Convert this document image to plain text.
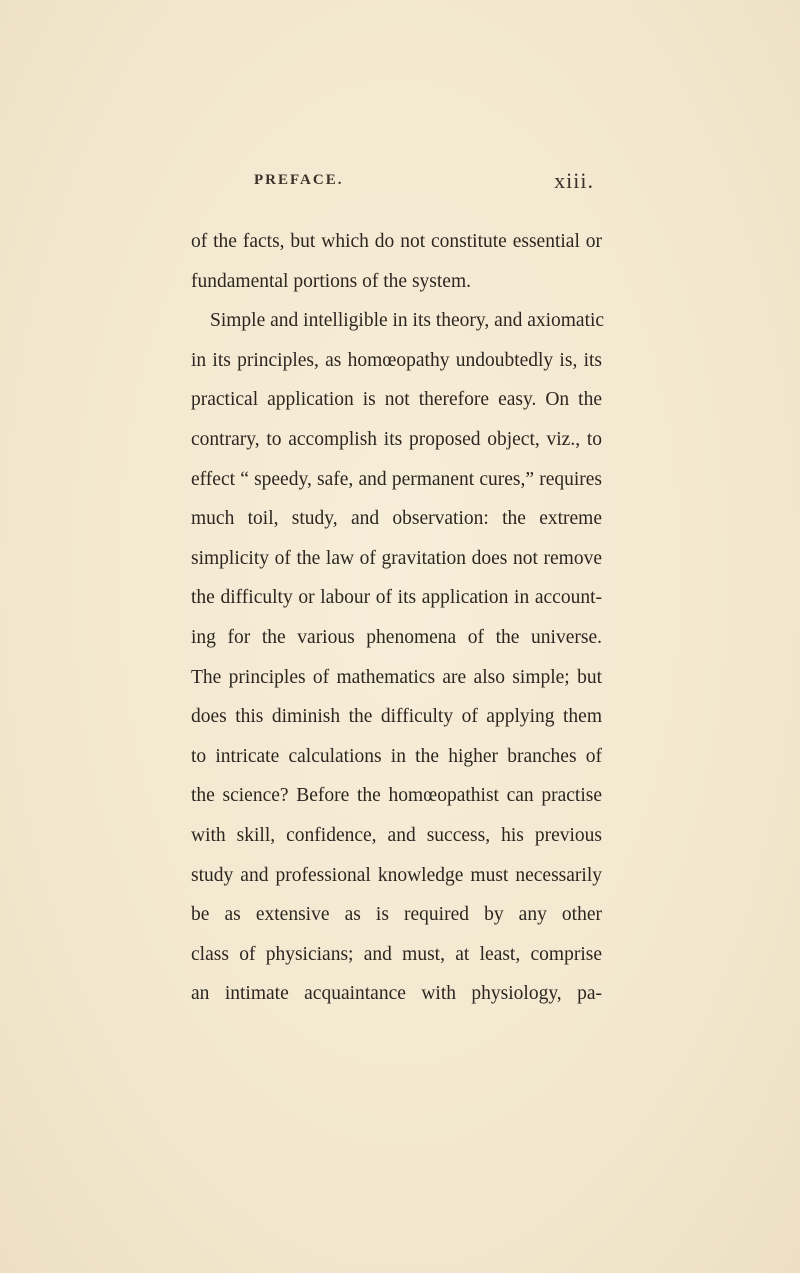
PREFACE.	xiii.
of the facts, but which do not constitute essential or
fundamental portions of the system.
Simple and intelligible in its theory, and axiomatic
in its principles, as homœopathy undoubtedly is, its
practical application is not therefore easy. On the
contrary, to accomplish its proposed object, viz., to
effect “ speedy, safe, and permanent cures,” requires
much toil, study, and observation: the extreme
simplicity of the law of gravitation does not remove
the difficulty or labour of its application in account-
ing for the various phenomena of the universe.
The principles of mathematics are also simple; but
does this diminish the difficulty of applying them
to intricate calculations in the higher branches of
the science? Before the homœopathist can practise
with skill, confidence, and success, his previous
study and professional knowledge must necessarily
be as extensive as is required by any other
class of physicians; and must, at least, comprise
an intimate acquaintance with physiology, pa-
